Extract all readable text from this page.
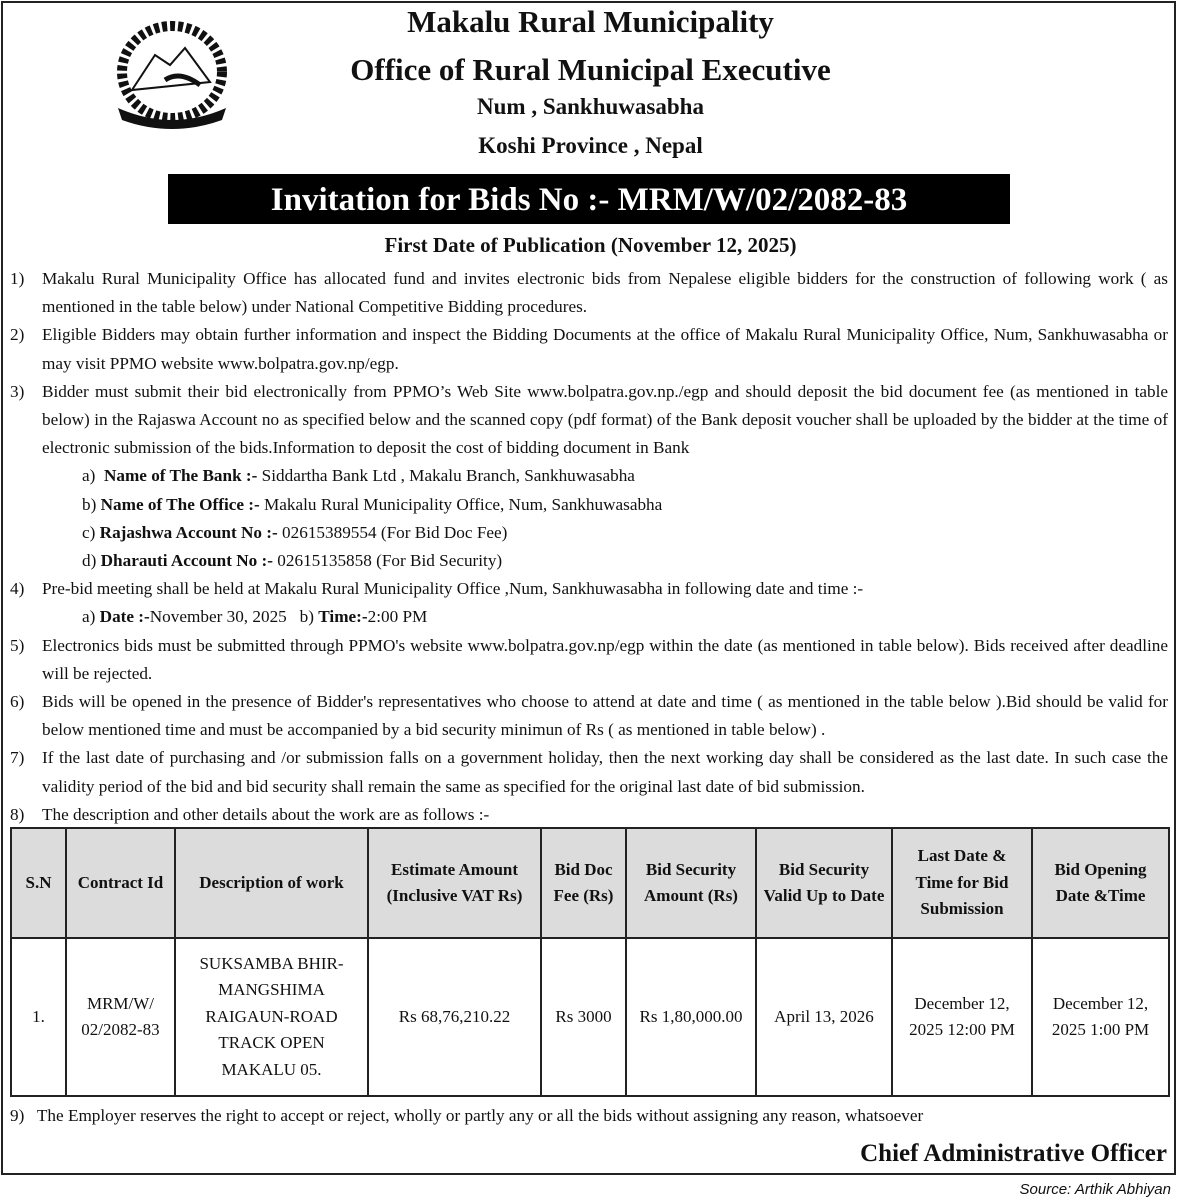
Makalu Rural Municipality
Office of Rural Municipal Executive
Num , Sankhuwasabha
Koshi Province , Nepal
Invitation for Bids No :- MRM/W/02/2082-83
First Date of Publication (November 12, 2025)
1)	Makalu Rural Municipality Office has allocated fund and invites electronic bids from Nepalese eligible bidders for the construction of following work ( as mentioned in the table below) under National Competitive Bidding procedures.
2)	Eligible Bidders may obtain further information and inspect the Bidding Documents at the office of Makalu Rural Municipality Office, Num, Sankhuwasabha or may visit PPMO website www.bolpatra.gov.np/egp.
3)	Bidder must submit their bid electronically from PPMO’s Web Site www.bolpatra.gov.np./egp and should deposit the bid document fee (as mentioned in table below) in the Rajaswa Account no as specified below and the scanned copy (pdf format) of the Bank deposit voucher shall be uploaded by the bidder at the time of electronic submission of the bids.Information to deposit the cost of bidding document in Bank
a) Name of The Bank :- Siddartha Bank Ltd , Makalu Branch, Sankhuwasabha
b) Name of The Office :- Makalu Rural Municipality Office, Num, Sankhuwasabha
c) Rajashwa Account No :- 02615389554 (For Bid Doc Fee)
d) Dharauti Account No :- 02615135858 (For Bid Security)
4)	Pre-bid meeting shall be held at Makalu Rural Municipality Office ,Num, Sankhuwasabha in following date and time :-
a) Date :-November 30, 2025 b) Time:-2:00 PM
5)	Electronics bids must be submitted through PPMO's website www.bolpatra.gov.np/egp within the date (as mentioned in table below). Bids received after deadline will be rejected.
6)	Bids will be opened in the presence of Bidder's representatives who choose to attend at date and time ( as mentioned in the table below ).Bid should be valid for below mentioned time and must be accompanied by a bid security minimun of Rs ( as mentioned in table below) .
7)	If the last date of purchasing and /or submission falls on a government holiday, then the next working day shall be considered as the last date. In such case the validity period of the bid and bid security shall remain the same as specified for the original last date of bid submission.
8)	The description and other details about the work are as follows :-
S.N	Contract Id	Description of work	Estimate Amount (Inclusive VAT Rs)	Bid Doc Fee (Rs)	Bid Security Amount (Rs)	Bid Security Valid Up to Date	Last Date & Time for Bid Submission	Bid Opening Date &Time
1.	MRM/W/ 02/2082-83	SUKSAMBA BHIR-MANGSHIMA RAIGAUN-ROAD TRACK OPEN MAKALU 05.	Rs 68,76,210.22	Rs 3000	Rs 1,80,000.00	April 13, 2026	December 12, 2025 12:00 PM	December 12, 2025 1:00 PM
9) The Employer reserves the right to accept or reject, wholly or partly any or all the bids without assigning any reason, whatsoever
Chief Administrative Officer
Source: Arthik Abhiyan
